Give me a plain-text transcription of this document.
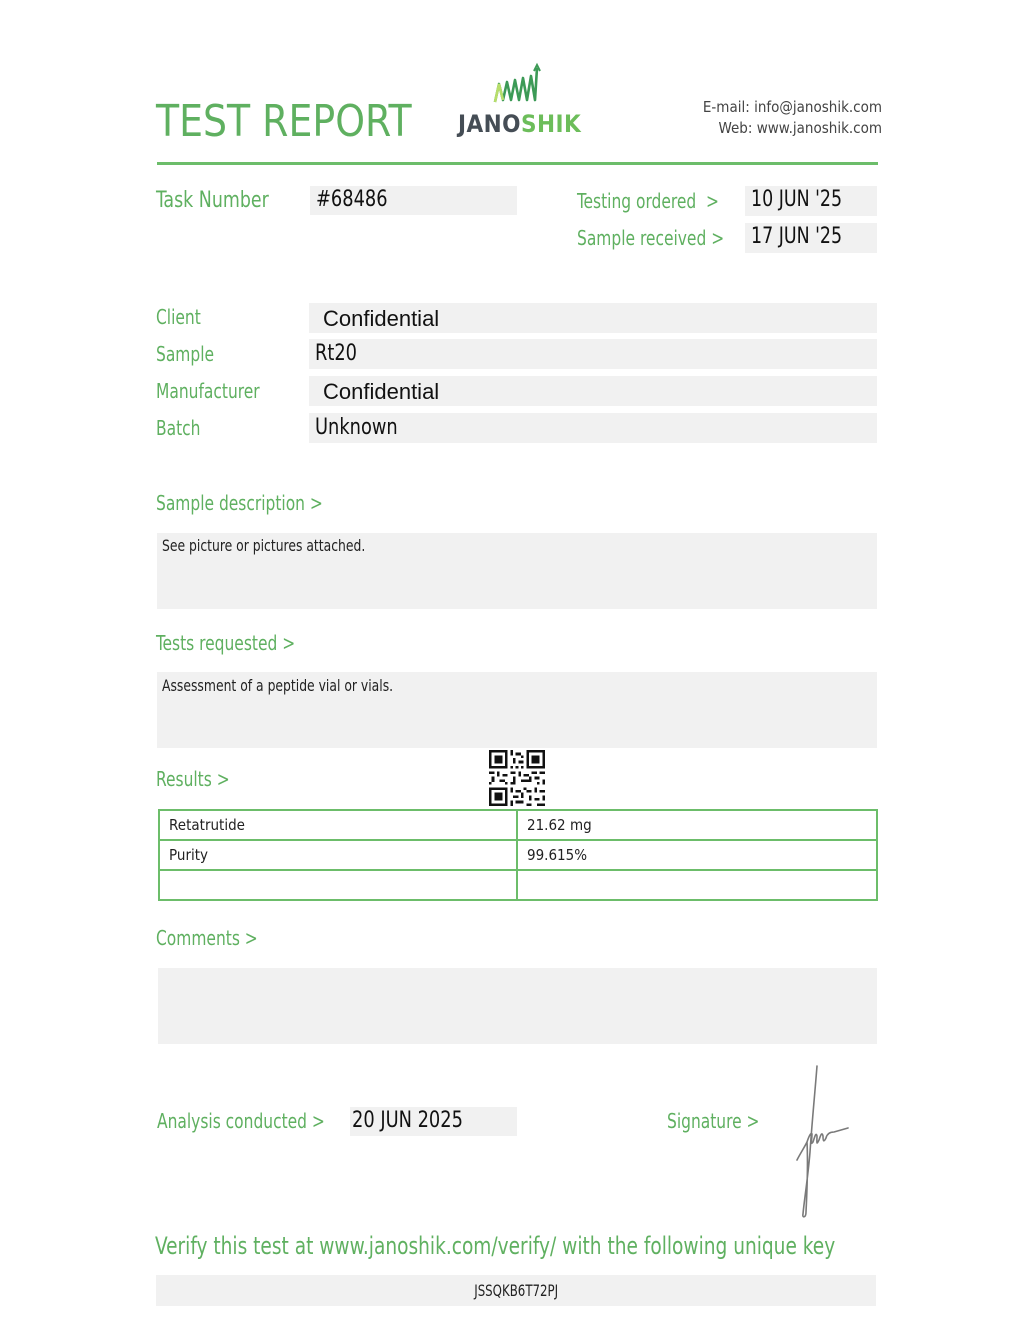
TEST REPORT JANOSHIK
E-mail: info@janoshik.com
Web: www.janoshik.com
Task Number #68486	Testing ordered  > 10 JUN '25
Sample received > 17 JUN '25
Client	Confidential
Sample	Rt20
Manufacturer	Confidential
Batch	Unknown
Sample description >
See picture or pictures attached.
Tests requested >
Assessment of a peptide vial or vials.
Results >
Retatrutide	21.62 mg
Purity	99.615%

Comments >
Analysis conducted > 20 JUN 2025	Signature >
Verify this test at www.janoshik.com/verify/ with the following unique key
JSSQKB6T72PJ
